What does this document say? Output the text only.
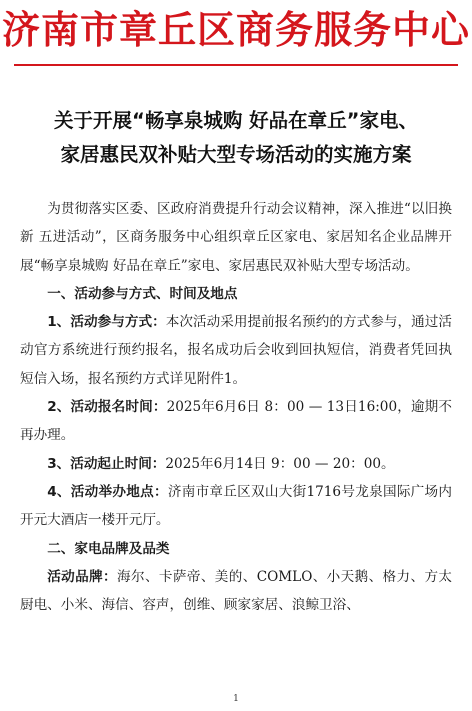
济南市章丘区商务服务中心
关于开展“畅享泉城购 好品在章丘”家电、
家居惠民双补贴大型专场活动的实施方案

为贯彻落实区委、区政府消费提升行动会议精神，深入推进“以旧换新 五进活动”，区商务服务中心组织章丘区家电、家居知名企业品牌开展“畅享泉城购 好品在章丘”家电、家居惠民双补贴大型专场活动。

一、活动参与方式、时间及地点

1、活动参与方式：本次活动采用提前报名预约的方式参与，通过活动官方系统进行预约报名，报名成功后会收到回执短信，消费者凭回执短信入场，报名预约方式详见附件1。

2、活动报名时间：2025年6月6日 8：00 — 13日16:00，逾期不再办理。

3、活动起止时间：2025年6月14日 9：00 — 20：00。

4、活动举办地点：济南市章丘区双山大街1716号龙泉国际广场内开元大酒店一楼开元厅。

二、家电品牌及品类

活动品牌：海尔、卡萨帝、美的、COMLO、小天鹅、格力、方太厨电、小米、海信、容声，创维、顾家家居、浪鲸卫浴、

1
